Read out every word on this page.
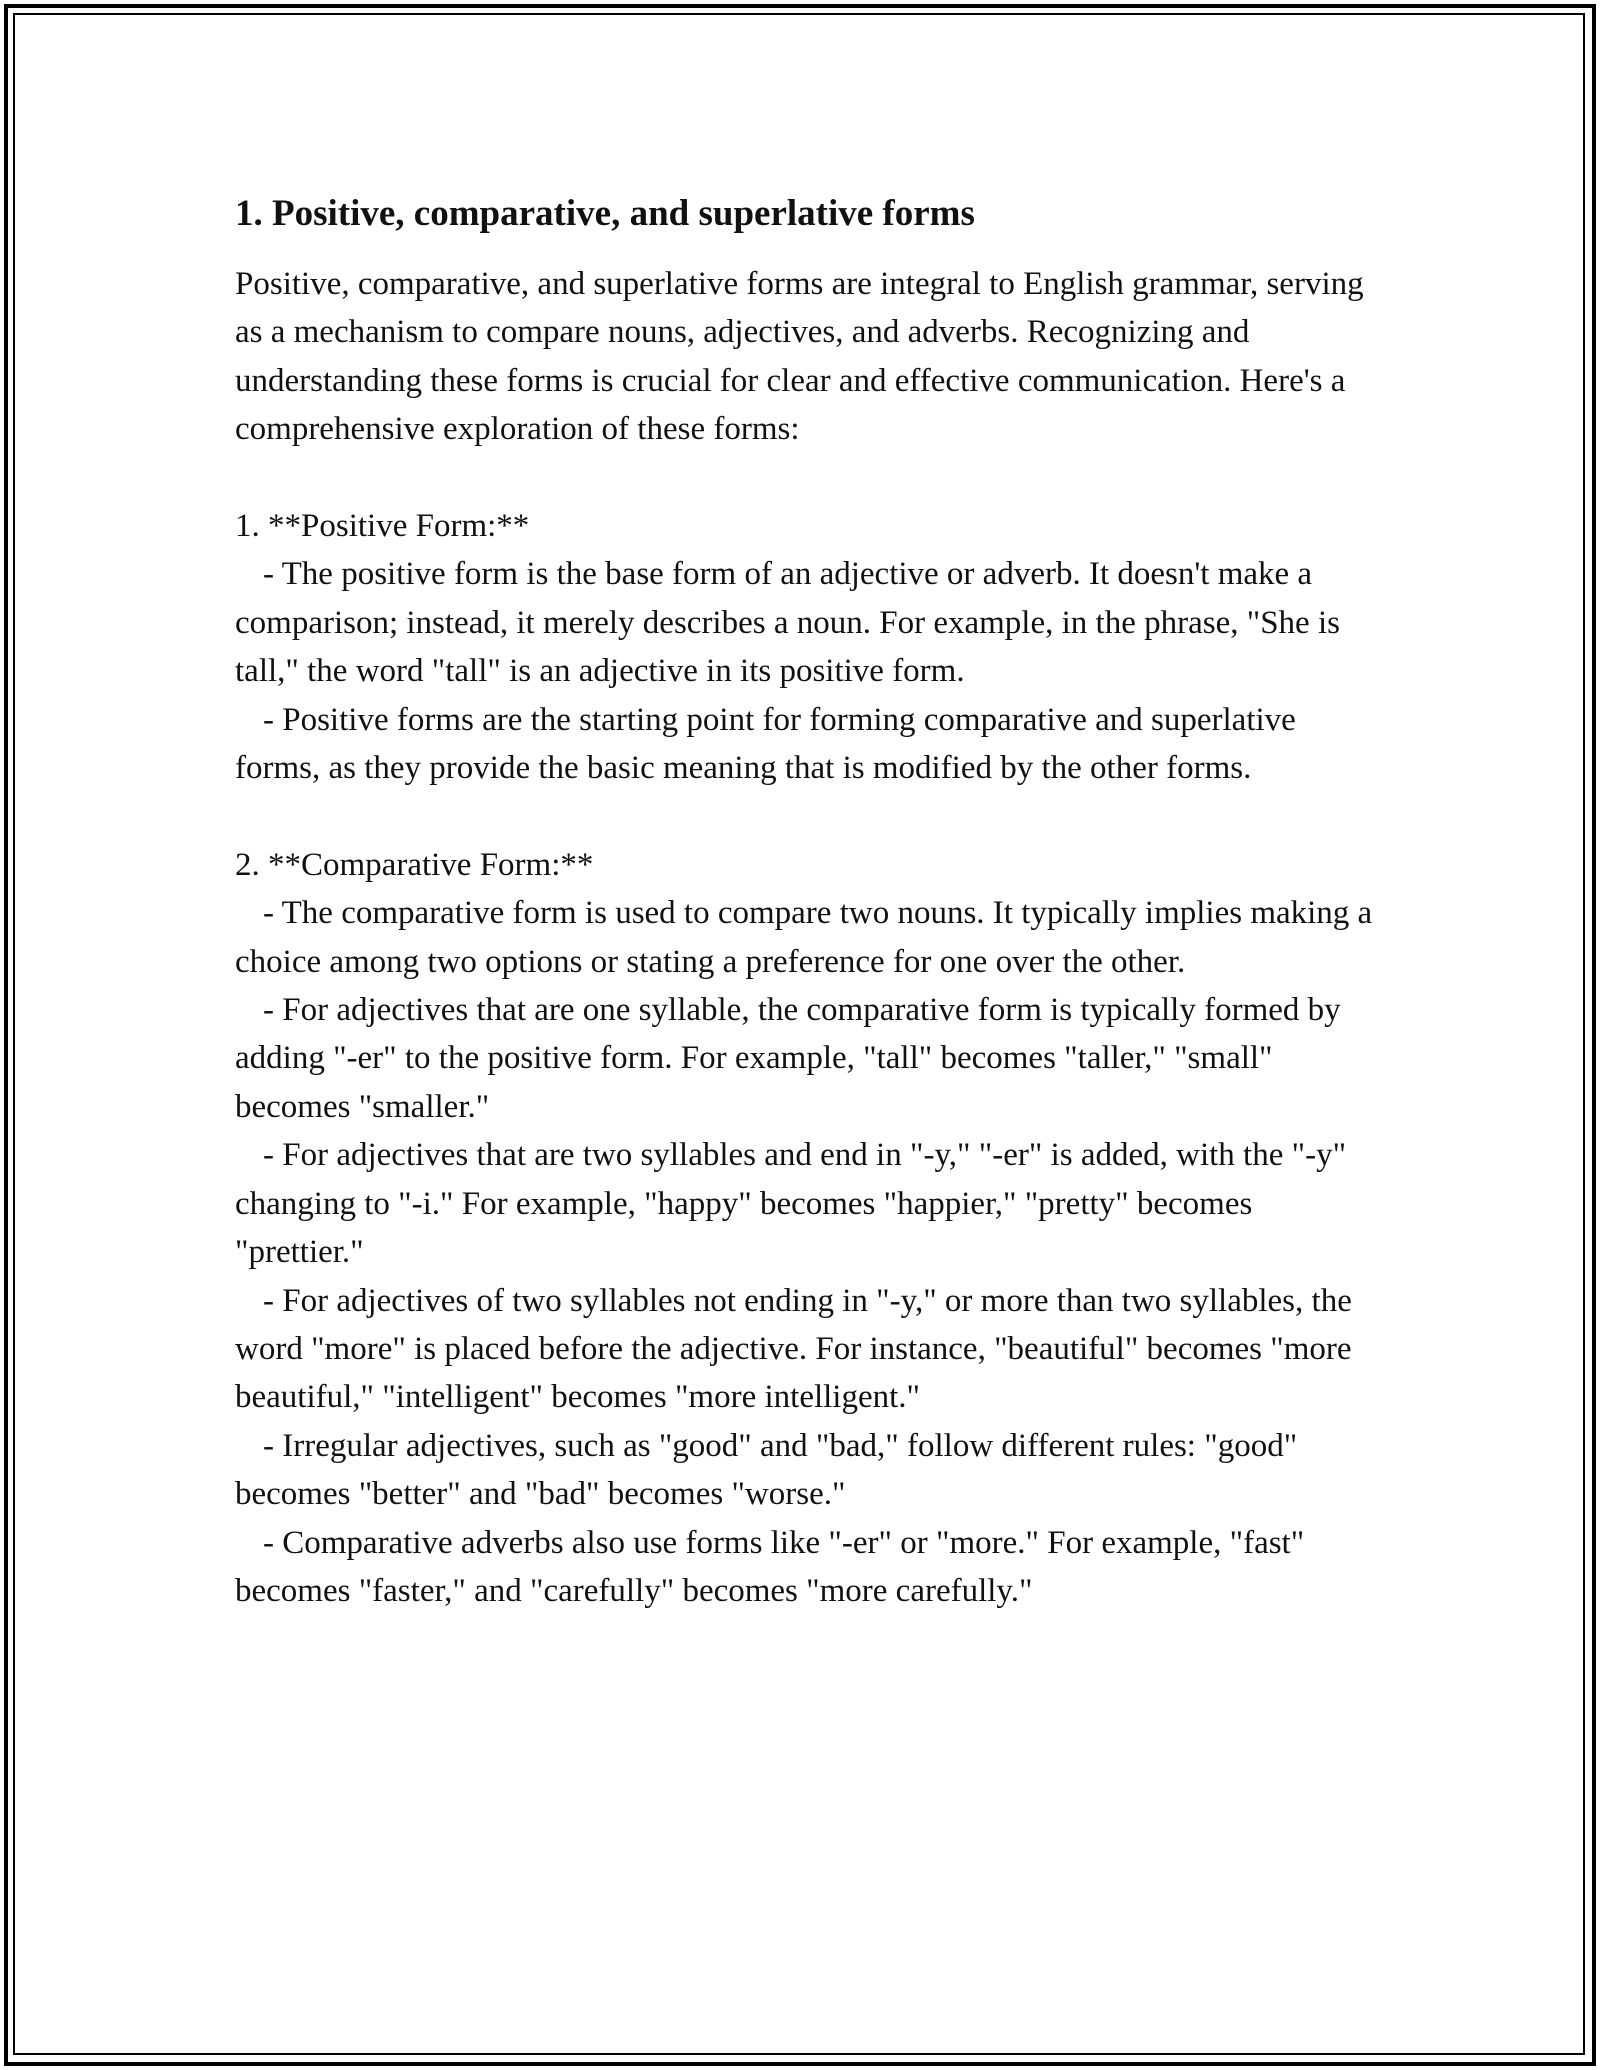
1. Positive, comparative, and superlative forms

Positive, comparative, and superlative forms are integral to English grammar, serving as a mechanism to compare nouns, adjectives, and adverbs. Recognizing and understanding these forms is crucial for clear and effective communication. Here's a comprehensive exploration of these forms:

1. **Positive Form:**

- The positive form is the base form of an adjective or adverb. It doesn't make a comparison; instead, it merely describes a noun. For example, in the phrase, "She is tall," the word "tall" is an adjective in its positive form.

- Positive forms are the starting point for forming comparative and superlative forms, as they provide the basic meaning that is modified by the other forms.

2. **Comparative Form:**

- The comparative form is used to compare two nouns. It typically implies making a choice among two options or stating a preference for one over the other.

- For adjectives that are one syllable, the comparative form is typically formed by adding "-er" to the positive form. For example, "tall" becomes "taller," "small" becomes "smaller."

- For adjectives that are two syllables and end in "-y," "-er" is added, with the "-y" changing to "-i." For example, "happy" becomes "happier," "pretty" becomes "prettier."

- For adjectives of two syllables not ending in "-y," or more than two syllables, the word "more" is placed before the adjective. For instance, "beautiful" becomes "more beautiful," "intelligent" becomes "more intelligent."

- Irregular adjectives, such as "good" and "bad," follow different rules: "good" becomes "better" and "bad" becomes "worse."

- Comparative adverbs also use forms like "-er" or "more." For example, "fast" becomes "faster," and "carefully" becomes "more carefully."
